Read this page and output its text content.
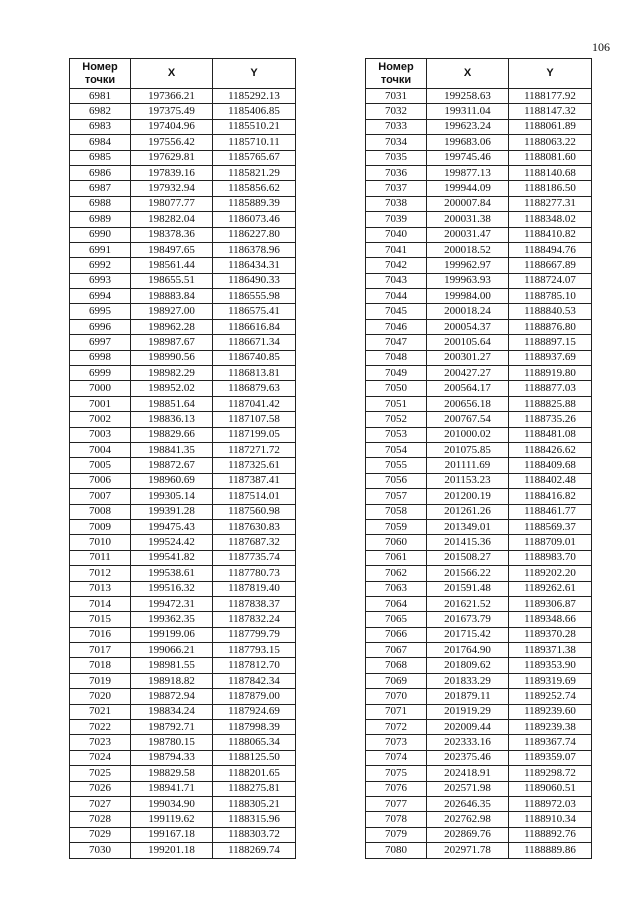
106
Номер точки	X	Y
6981	197366.21	1185292.13
6982	197375.49	1185406.85
6983	197404.96	1185510.21
6984	197556.42	1185710.11
6985	197629.81	1185765.67
6986	197839.16	1185821.29
6987	197932.94	1185856.62
6988	198077.77	1185889.39
6989	198282.04	1186073.46
6990	198378.36	1186227.80
6991	198497.65	1186378.96
6992	198561.44	1186434.31
6993	198655.51	1186490.33
6994	198883.84	1186555.98
6995	198927.00	1186575.41
6996	198962.28	1186616.84
6997	198987.67	1186671.34
6998	198990.56	1186740.85
6999	198982.29	1186813.81
7000	198952.02	1186879.63
7001	198851.64	1187041.42
7002	198836.13	1187107.58
7003	198829.66	1187199.05
7004	198841.35	1187271.72
7005	198872.67	1187325.61
7006	198960.69	1187387.41
7007	199305.14	1187514.01
7008	199391.28	1187560.98
7009	199475.43	1187630.83
7010	199524.42	1187687.32
7011	199541.82	1187735.74
7012	199538.61	1187780.73
7013	199516.32	1187819.40
7014	199472.31	1187838.37
7015	199362.35	1187832.24
7016	199199.06	1187799.79
7017	199066.21	1187793.15
7018	198981.55	1187812.70
7019	198918.82	1187842.34
7020	198872.94	1187879.00
7021	198834.24	1187924.69
7022	198792.71	1187998.39
7023	198780.15	1188065.34
7024	198794.33	1188125.50
7025	198829.58	1188201.65
7026	198941.71	1188275.81
7027	199034.90	1188305.21
7028	199119.62	1188315.96
7029	199167.18	1188303.72
7030	199201.18	1188269.74
Номер точки	X	Y
7031	199258.63	1188177.92
7032	199311.04	1188147.32
7033	199623.24	1188061.89
7034	199683.06	1188063.22
7035	199745.46	1188081.60
7036	199877.13	1188140.68
7037	199944.09	1188186.50
7038	200007.84	1188277.31
7039	200031.38	1188348.02
7040	200031.47	1188410.82
7041	200018.52	1188494.76
7042	199962.97	1188667.89
7043	199963.93	1188724.07
7044	199984.00	1188785.10
7045	200018.24	1188840.53
7046	200054.37	1188876.80
7047	200105.64	1188897.15
7048	200301.27	1188937.69
7049	200427.27	1188919.80
7050	200564.17	1188877.03
7051	200656.18	1188825.88
7052	200767.54	1188735.26
7053	201000.02	1188481.08
7054	201075.85	1188426.62
7055	201111.69	1188409.68
7056	201153.23	1188402.48
7057	201200.19	1188416.82
7058	201261.26	1188461.77
7059	201349.01	1188569.37
7060	201415.36	1188709.01
7061	201508.27	1188983.70
7062	201566.22	1189202.20
7063	201591.48	1189262.61
7064	201621.52	1189306.87
7065	201673.79	1189348.66
7066	201715.42	1189370.28
7067	201764.90	1189371.38
7068	201809.62	1189353.90
7069	201833.29	1189319.69
7070	201879.11	1189252.74
7071	201919.29	1189239.60
7072	202009.44	1189239.38
7073	202333.16	1189367.74
7074	202375.46	1189359.07
7075	202418.91	1189298.72
7076	202571.98	1189060.51
7077	202646.35	1188972.03
7078	202762.98	1188910.34
7079	202869.76	1188892.76
7080	202971.78	1188889.86
